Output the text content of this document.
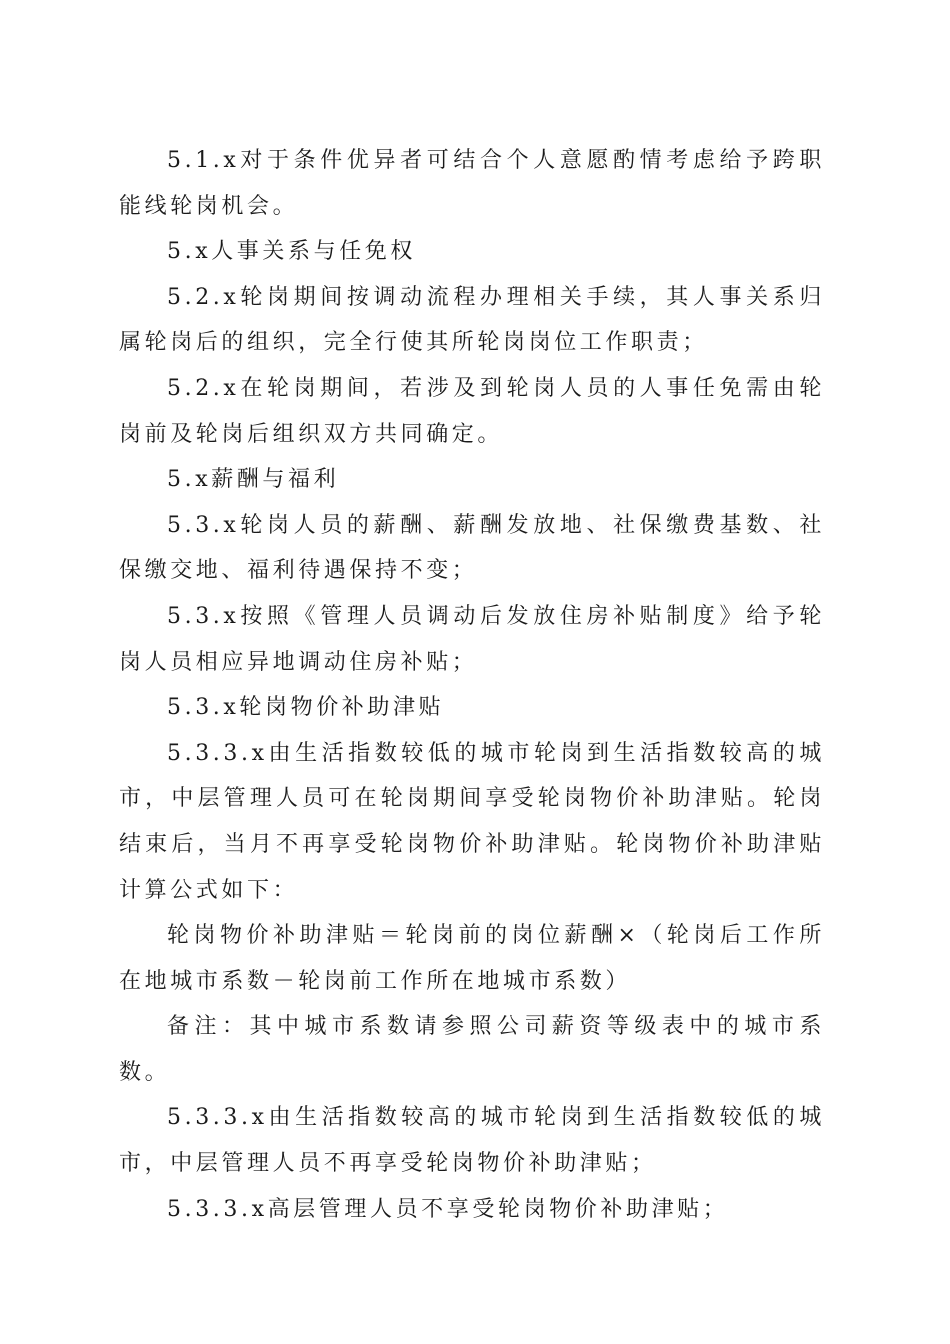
5.1.x对于条件优异者可结合个人意愿酌情考虑给予跨职能线轮岗机会。

5.x人事关系与任免权

5.2.x轮岗期间按调动流程办理相关手续，其人事关系归属轮岗后的组织，完全行使其所轮岗岗位工作职责；

5.2.x在轮岗期间，若涉及到轮岗人员的人事任免需由轮岗前及轮岗后组织双方共同确定。

5.x薪酬与福利

5.3.x轮岗人员的薪酬、薪酬发放地、社保缴费基数、社保缴交地、福利待遇保持不变；

5.3.x按照《管理人员调动后发放住房补贴制度》给予轮岗人员相应异地调动住房补贴；

5.3.x轮岗物价补助津贴

5.3.3.x由生活指数较低的城市轮岗到生活指数较高的城市，中层管理人员可在轮岗期间享受轮岗物价补助津贴。轮岗结束后，当月不再享受轮岗物价补助津贴。轮岗物价补助津贴计算公式如下：

轮岗物价补助津贴＝轮岗前的岗位薪酬×（轮岗后工作所在地城市系数－轮岗前工作所在地城市系数）

备注：其中城市系数请参照公司薪资等级表中的城市系数。

5.3.3.x由生活指数较高的城市轮岗到生活指数较低的城市，中层管理人员不再享受轮岗物价补助津贴；

5.3.3.x高层管理人员不享受轮岗物价补助津贴；
